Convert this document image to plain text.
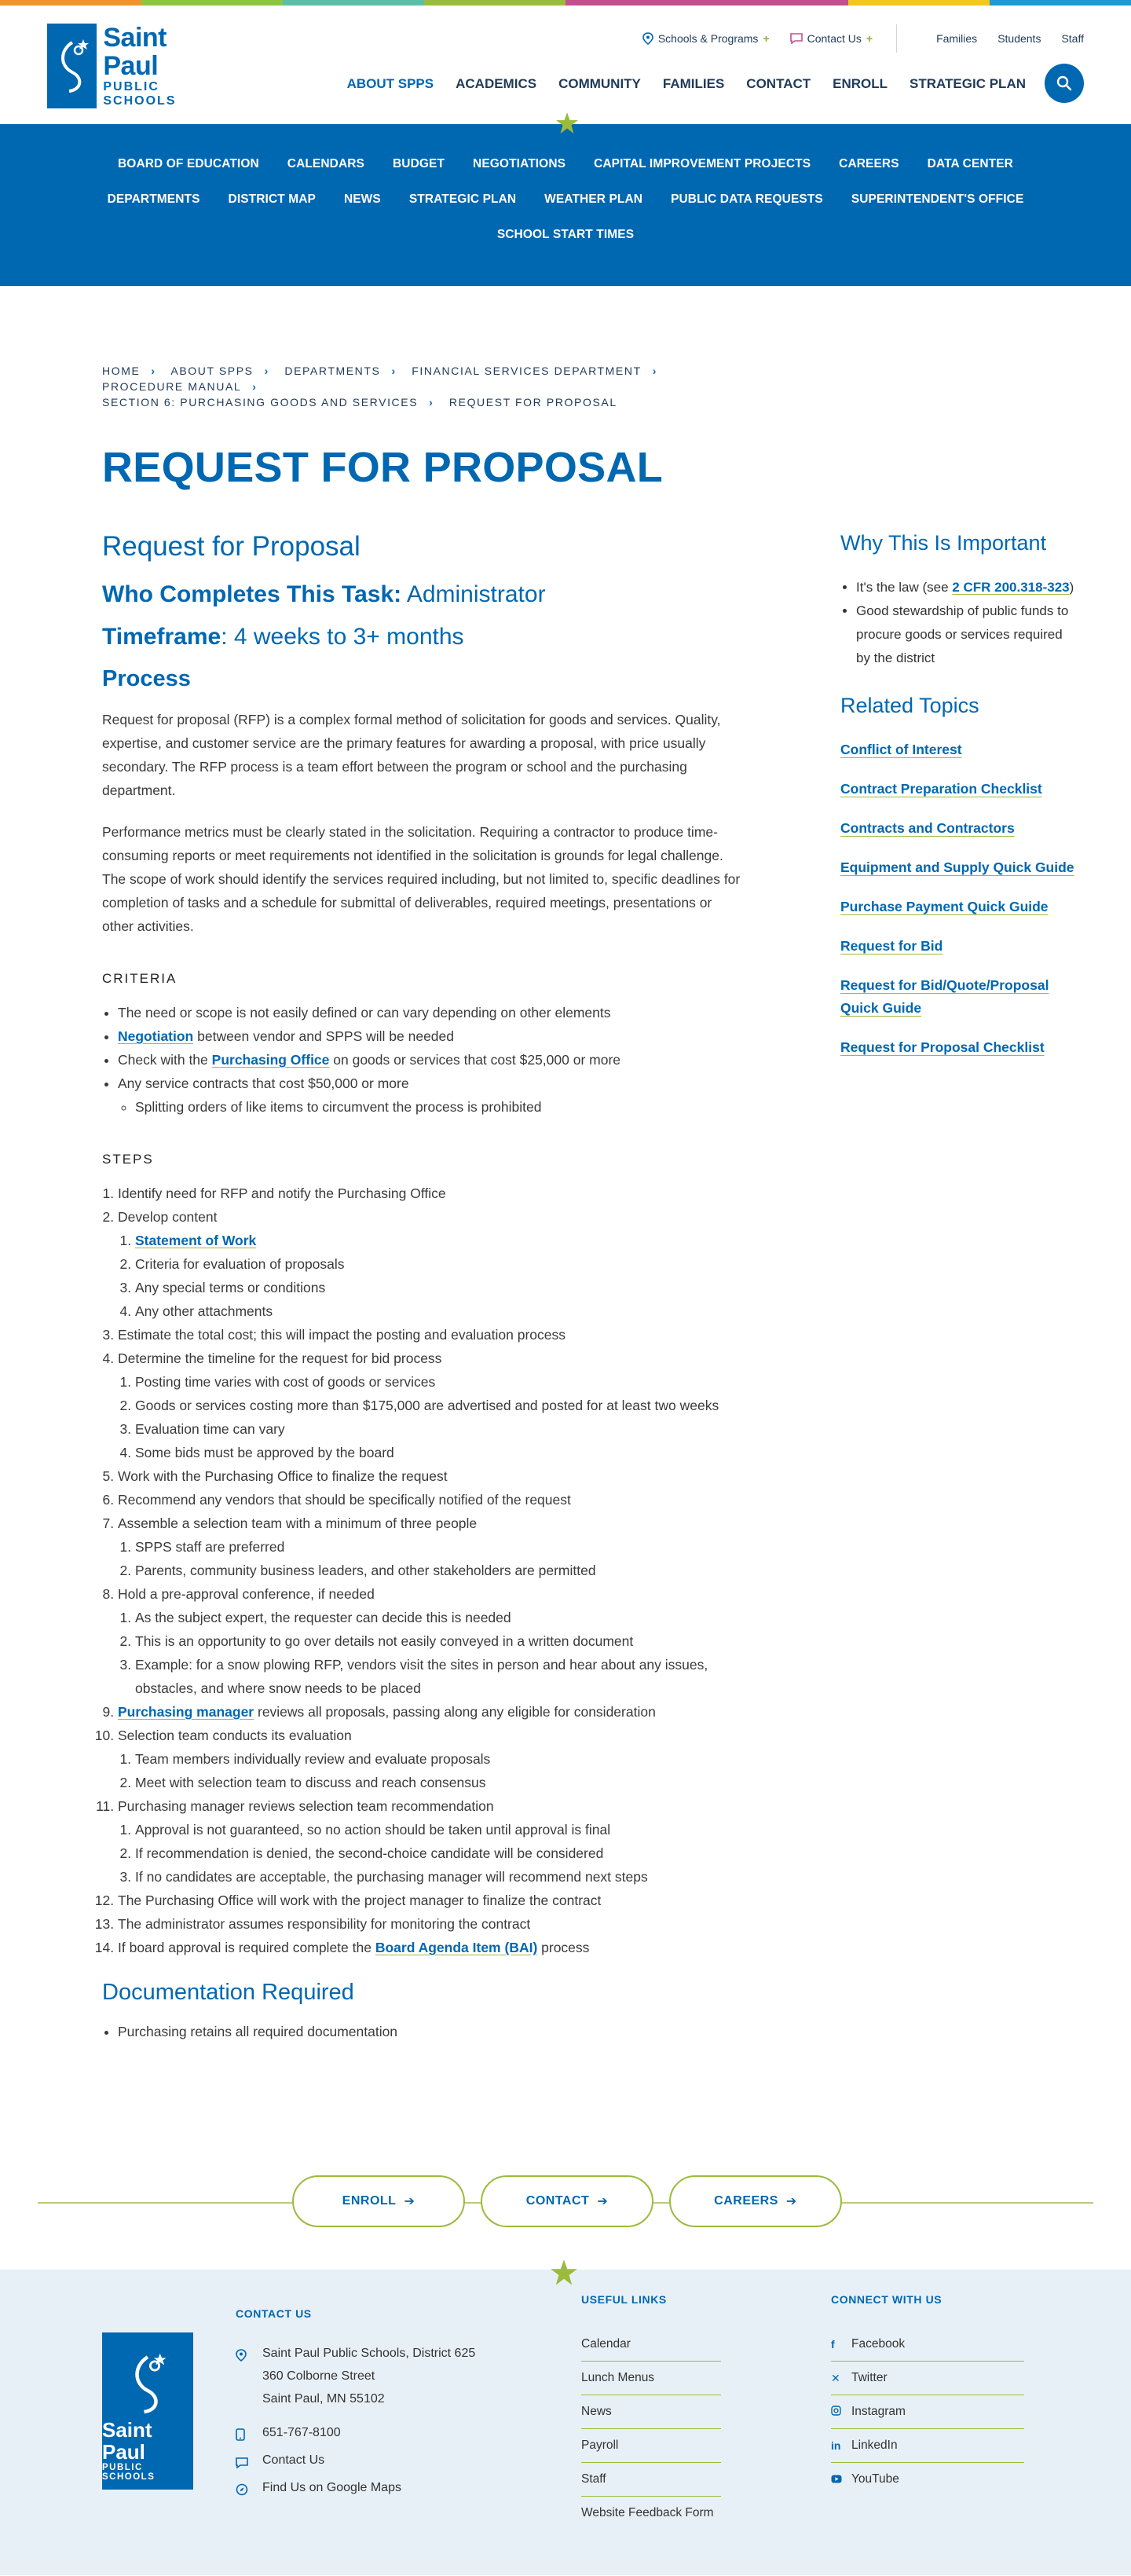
Saint Paul
PUBLIC SCHOOLS
Schools & Programs +	Contact Us +	Families Students Staff
ABOUT SPPS ACADEMICS COMMUNITY FAMILIES CONTACT ENROLL STRATEGIC PLAN
BOARD OF EDUCATION CALENDARS BUDGET NEGOTIATIONS CAPITAL IMPROVEMENT PROJECTS CAREERS DATA CENTER
DEPARTMENTS DISTRICT MAP NEWS STRATEGIC PLAN WEATHER PLAN PUBLIC DATA REQUESTS SUPERINTENDENT'S OFFICE
SCHOOL START TIMES
HOME › ABOUT SPPS › DEPARTMENTS › FINANCIAL SERVICES DEPARTMENT › PROCEDURE MANUAL ›
SECTION 6: PURCHASING GOODS AND SERVICES › REQUEST FOR PROPOSAL
REQUEST FOR PROPOSAL
Request for Proposal
Who Completes This Task: Administrator
Timeframe: 4 weeks to 3+ months
Process

Request for proposal (RFP) is a complex formal method of solicitation for goods and services. Quality, expertise, and customer service are the primary features for awarding a proposal, with price usually secondary. The RFP process is a team effort between the program or school and the purchasing department.

Performance metrics must be clearly stated in the solicitation. Requiring a contractor to produce time-consuming reports or meet requirements not identified in the solicitation is grounds for legal challenge. The scope of work should identify the services required including, but not limited to, specific deadlines for completion of tasks and a schedule for submittal of deliverables, required meetings, presentations or other activities.

CRITERIA
• The need or scope is not easily defined or can vary depending on other elements
• Negotiation between vendor and SPPS will be needed
• Check with the Purchasing Office on goods or services that cost $25,000 or more
• Any service contracts that cost $50,000 or more
◦ Splitting orders of like items to circumvent the process is prohibited
STEPS
1. Identify need for RFP and notify the Purchasing Office
2. Develop content
1. Statement of Work
2. Criteria for evaluation of proposals
3. Any special terms or conditions
4. Any other attachments
3. Estimate the total cost; this will impact the posting and evaluation process
4. Determine the timeline for the request for bid process
1. Posting time varies with cost of goods or services
2. Goods or services costing more than $175,000 are advertised and posted for at least two weeks
3. Evaluation time can vary
4. Some bids must be approved by the board
5. Work with the Purchasing Office to finalize the request
6. Recommend any vendors that should be specifically notified of the request
7. Assemble a selection team with a minimum of three people
1. SPPS staff are preferred
2. Parents, community business leaders, and other stakeholders are permitted
8. Hold a pre-approval conference, if needed
1. As the subject expert, the requester can decide this is needed
2. This is an opportunity to go over details not easily conveyed in a written document
3. Example: for a snow plowing RFP, vendors visit the sites in person and hear about any issues, obstacles, and where snow needs to be placed
9. Purchasing manager reviews all proposals, passing along any eligible for consideration
10. Selection team conducts its evaluation
1. Team members individually review and evaluate proposals
2. Meet with selection team to discuss and reach consensus
11. Purchasing manager reviews selection team recommendation
1. Approval is not guaranteed, so no action should be taken until approval is final
2. If recommendation is denied, the second-choice candidate will be considered
3. If no candidates are acceptable, the purchasing manager will recommend next steps
12. The Purchasing Office will work with the project manager to finalize the contract
13. The administrator assumes responsibility for monitoring the contract
14. If board approval is required complete the Board Agenda Item (BAI) process
Documentation Required
• Purchasing retains all required documentation
Why This Is Important
• It's the law (see 2 CFR 200.318-323)
• Good stewardship of public funds to procure goods or services required by the district
Related Topics
Conflict of Interest
Contract Preparation Checklist
Contracts and Contractors
Equipment and Supply Quick Guide
Purchase Payment Quick Guide
Request for Bid
Request for Bid/Quote/Proposal Quick Guide
Request for Proposal Checklist
ENROLL ➔	CONTACT ➔	CAREERS ➔
Saint Paul
PUBLIC SCHOOLS
CONTACT US
Saint Paul Public Schools, District 625
360 Colborne Street
Saint Paul, MN 55102
651-767-8100
Contact Us
Find Us on Google Maps
USEFUL LINKS
Calendar
Lunch Menus
News
Payroll
Staff
Website Feedback Form
CONNECT WITH US
f	Facebook
✕ Twitter
Instagram
in LinkedIn
YouTube
